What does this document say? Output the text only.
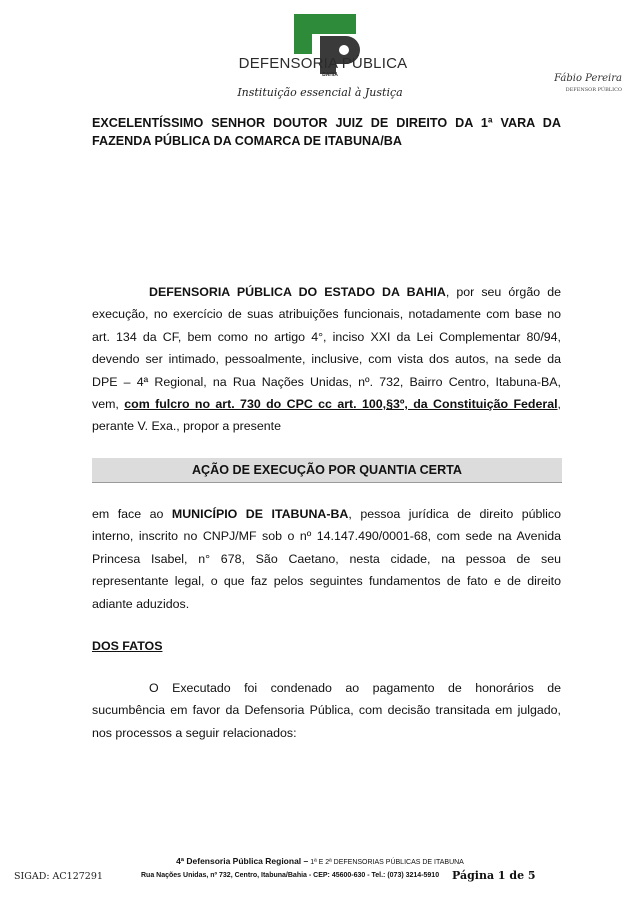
DEFENSORIA PÚBLICA
BAHIA
Instituição essencial à Justiça
Fábio Pereira
DEFENSOR PÚBLICO
EXCELENTÍSSIMO SENHOR DOUTOR JUIZ DE DIREITO DA 1ª VARA DA FAZENDA PÚBLICA DA COMARCA DE ITABUNA/BA
DEFENSORIA PÚBLICA DO ESTADO DA BAHIA, por seu órgão de
execução, no exercício de suas atribuições funcionais, notadamente com base no
art. 134 da CF, bem como no artigo 4°, inciso XXI da Lei Complementar 80/94,
devendo ser intimado, pessoalmente, inclusive, com vista dos autos, na sede da
DPE – 4ª Regional, na Rua Nações Unidas, nº. 732, Bairro Centro, Itabuna-BA,
vem, com fulcro no art. 730 do CPC cc art. 100,§3º, da Constituição Federal,
perante V. Exa., propor a presente
AÇÃO DE EXECUÇÃO POR QUANTIA CERTA
em face ao MUNICÍPIO DE ITABUNA-BA, pessoa jurídica de direito público
interno, inscrito no CNPJ/MF sob o nº 14.147.490/0001-68, com sede na Avenida
Princesa Isabel, n° 678, São Caetano, nesta cidade, na pessoa de seu
representante legal, o que faz pelos seguintes fundamentos de fato e de direito
adiante aduzidos.
DOS FATOS
O Executado foi condenado ao pagamento de honorários de
sucumbência em favor da Defensoria Pública, com decisão transitada em julgado,
nos processos a seguir relacionados:
4ª Defensoria Pública Regional – 1ª E 2ª DEFENSORIAS PÚBLICAS DE ITABUNA
Rua Nações Unidas, nº 732, Centro, Itabuna/Bahia - CEP: 45600-630 - Tel.: (073) 3214-5910
SIGAD: AC127291	Página 1 de 5
